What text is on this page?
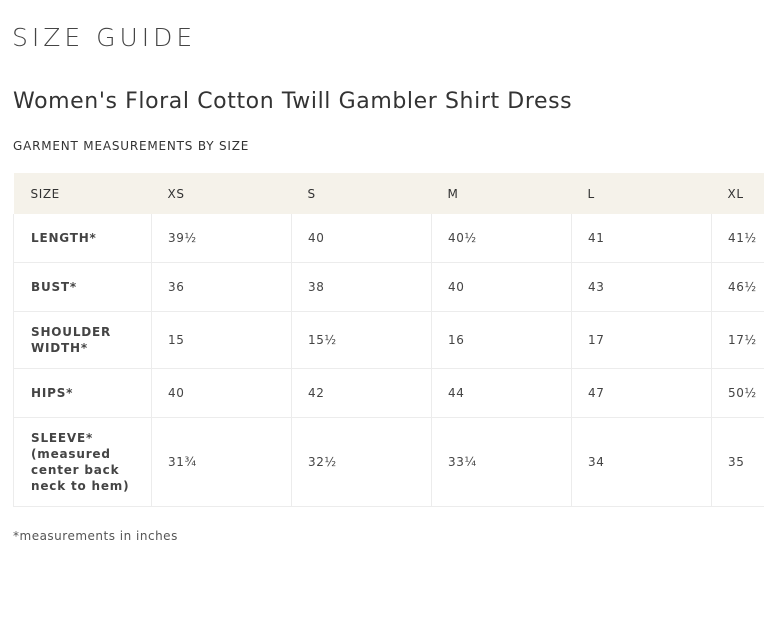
SIZE GUIDE
Women's Floral Cotton Twill Gambler Shirt Dress
GARMENT MEASUREMENTS BY SIZE
SIZE	XS	S	M	L	XL

LENGTH*	39½	40	40½	41	41½

BUST*	36	38	40	43	46½

SHOULDER
WIDTH*	15	15½	16	17	17½

HIPS*	40	42	44	47	50½

SLEEVE*
(measured
center back
neck to hem)	31¾	32½	33¼	34	35
*measurements in inches
